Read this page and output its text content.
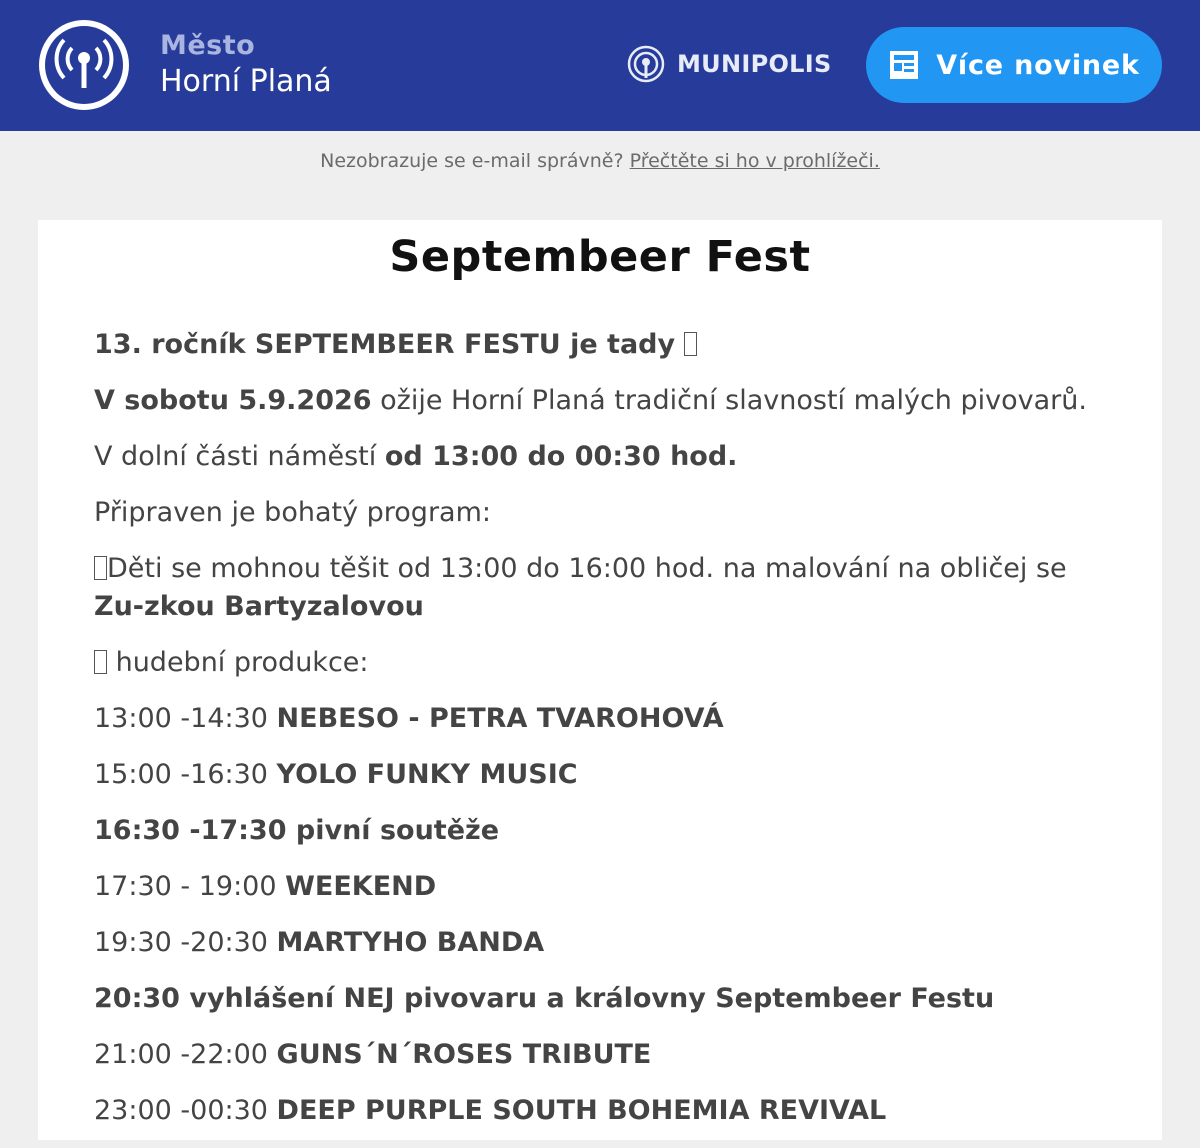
Město
Horní Planá	MUNIPOLIS	Více novinek
Nezobrazuje se e-mail správně? Přečtěte si ho v prohlížeči.
Septembeer Fest

13. ročník SEPTEMBEER FESTU je tady

V sobotu 5.9.2026 ožije Horní Planá tradiční slavností malých pivovarů.

V dolní části náměstí od 13:00 do 00:30 hod.

Připraven je bohatý program:

Děti se mohnou těšit od 13:00 do 16:00 hod. na malování na obličej se Zu-zkou Bartyzalovou

hudební produkce:

13:00 -14:30 NEBESO - PETRA TVAROHOVÁ

15:00 -16:30 YOLO FUNKY MUSIC

16:30 -17:30 pivní soutěže

17:30 - 19:00 WEEKEND

19:30 -20:30 MARTYHO BANDA

20:30 vyhlášení NEJ pivovaru a královny Septembeer Festu

21:00 -22:00 GUNS´N´ROSES TRIBUTE

23:00 -00:30 DEEP PURPLE SOUTH BOHEMIA REVIVAL
